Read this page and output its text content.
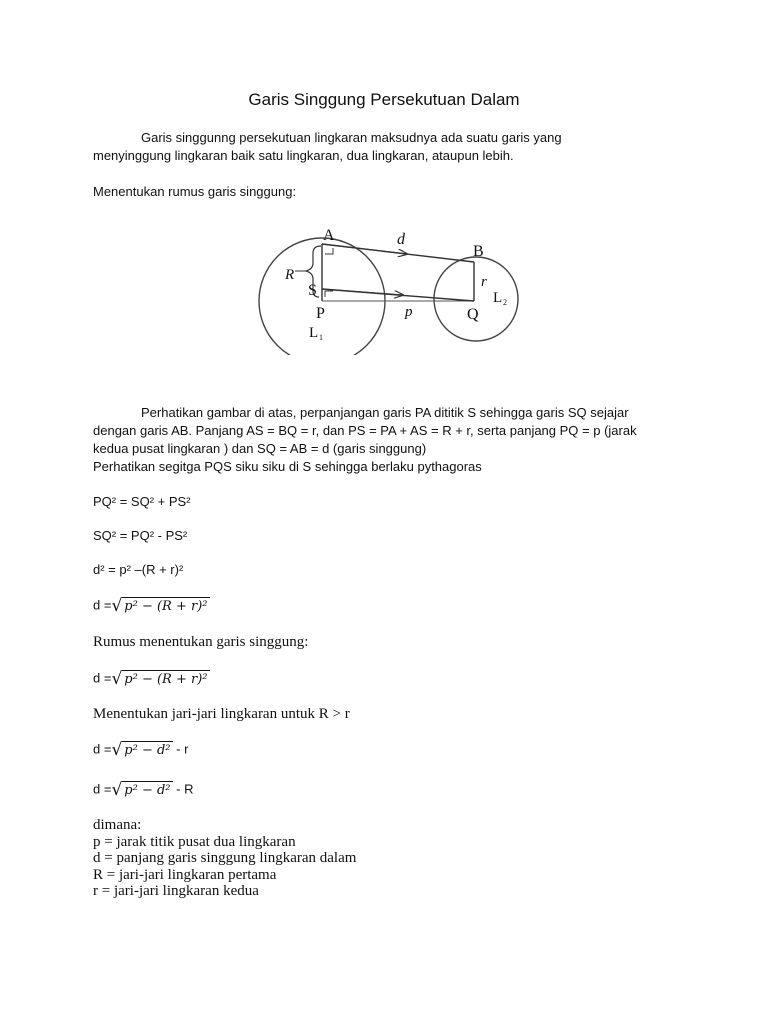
Garis Singgung Persekutuan Dalam
Garis singgunng persekutuan lingkaran maksudnya ada suatu garis yang
menyinggung lingkaran baik satu lingkaran, dua lingkaran, ataupun lebih.
Menentukan rumus garis singgung:
A	d
B
R
S	r
P	p	Q
L 1
L 2
Perhatikan gambar di atas, perpanjangan garis PA dititik S sehingga garis SQ sejajar
dengan garis AB. Panjang AS = BQ = r, dan PS = PA + AS = R + r, serta panjang PQ = p (jarak
kedua pusat lingkaran ) dan SQ = AB = d (garis singgung)
Perhatikan segitga PQS siku siku di S sehingga berlaku pythagoras
PQ² = SQ² + PS²
SQ² = PQ² - PS²
d² = p² –(R + r)²
d = √ p² − (R + r)²
Rumus menentukan garis singgung:
d = √ p² − (R + r)²
Menentukan jari-jari lingkaran untuk R > r
d = √ p² − d² - r
d = √ p² − d² - R
dimana:
p = jarak titik pusat dua lingkaran
d = panjang garis singgung lingkaran dalam
R = jari-jari lingkaran pertama
r = jari-jari lingkaran kedua
